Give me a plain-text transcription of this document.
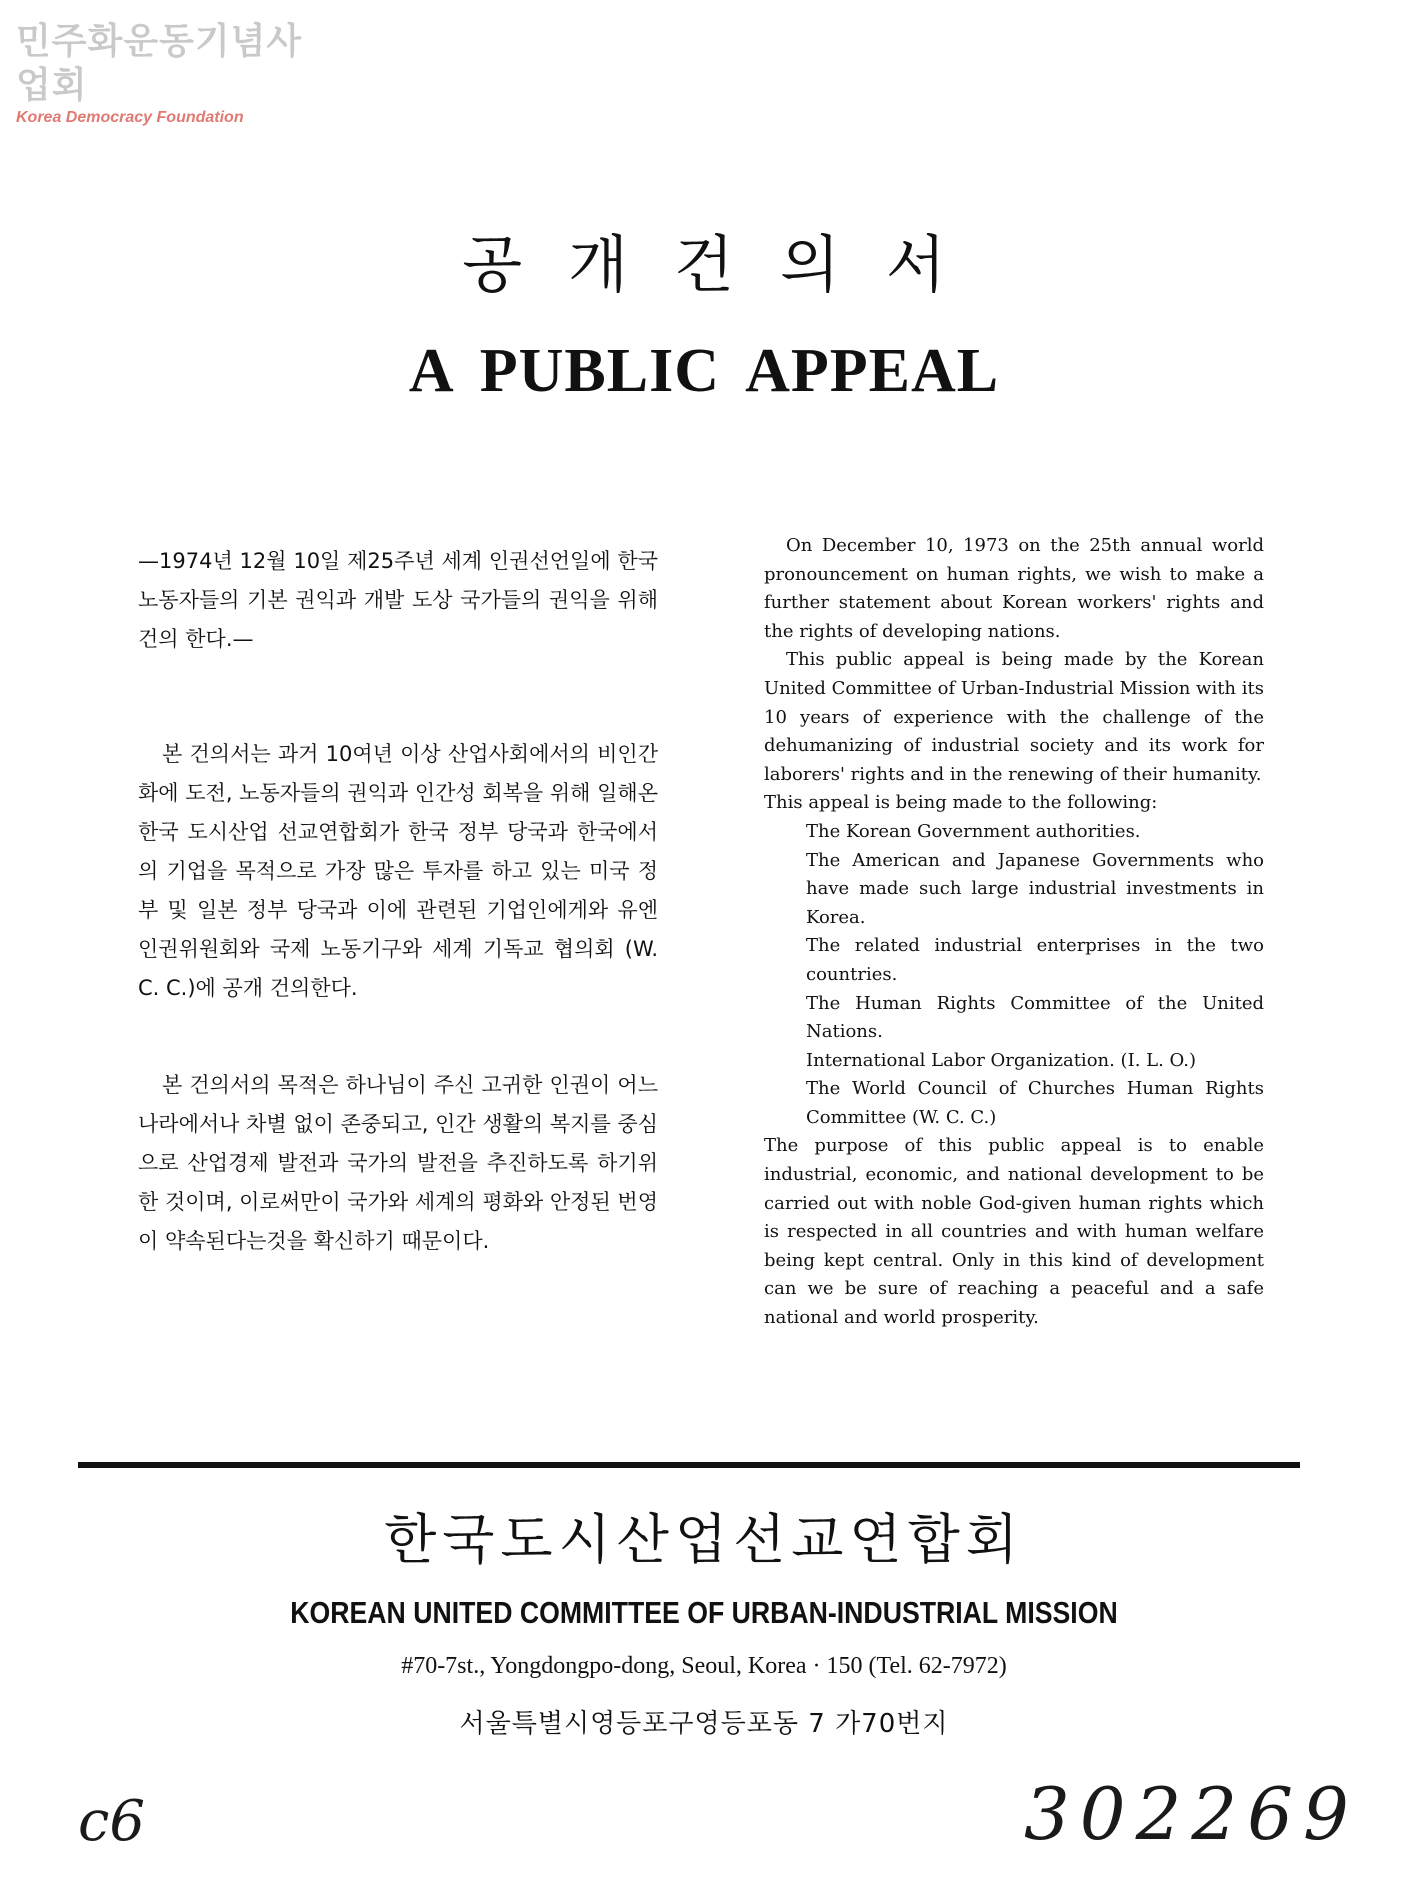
민주화운동기념사업회
Korea Democracy Foundation
공개건의서
A PUBLIC APPEAL

—1974년 12월 10일 제25주년 세계 인권선언일에 한국 노동자들의 기본 권익과 개발 도상 국가들의 권익을 위해 건의 한다.—

본 건의서는 과거 10여년 이상 산업사회에서의 비인간화에 도전, 노동자들의 권익과 인간성 회복을 위해 일해온 한국 도시산업 선교연합회가 한국 정부 당국과 한국에서의 기업을 목적으로 가장 많은 투자를 하고 있는 미국 정부 및 일본 정부 당국과 이에 관련된 기업인에게와 유엔 인권위원회와 국제 노동기구와 세계 기독교 협의회 (W. C. C.)에 공개 건의한다.

본 건의서의 목적은 하나님이 주신 고귀한 인권이 어느나라에서나 차별 없이 존중되고, 인간 생활의 복지를 중심으로 산업경제 발전과 국가의 발전을 추진하도록 하기위한 것이며, 이로써만이 국가와 세계의 평화와 안정된 번영이 약속된다는것을 확신하기 때문이다.

On December 10, 1973 on the 25th annual world pronouncement on human rights, we wish to make a further statement about Korean workers' rights and the rights of developing nations.

This public appeal is being made by the Korean United Committee of Urban-Industrial Mission with its 10 years of experience with the challenge of the dehumanizing of industrial society and its work for laborers' rights and in the renewing of their humanity.

This appeal is being made to the following:

The Korean Government authorities.
The American and Japanese Governments who have made such large industrial investments in Korea.
The related industrial enterprises in the two countries.
The Human Rights Committee of the United Nations.
International Labor Organization. (I. L. O.)
The World Council of Churches Human Rights Committee (W. C. C.)

The purpose of this public appeal is to enable industrial, economic, and national development to be carried out with noble God-given human rights which is respected in all countries and with human welfare being kept central. Only in this kind of development can we be sure of reaching a peaceful and a safe national and world prosperity.

한국도시산업선교연합회
KOREAN UNITED COMMITTEE OF URBAN-INDUSTRIAL MISSION
#70-7st., Yongdongpo-dong, Seoul, Korea · 150 (Tel. 62-7972)
서울특별시영등포구영등포동 7 가70번지
c6	302269
